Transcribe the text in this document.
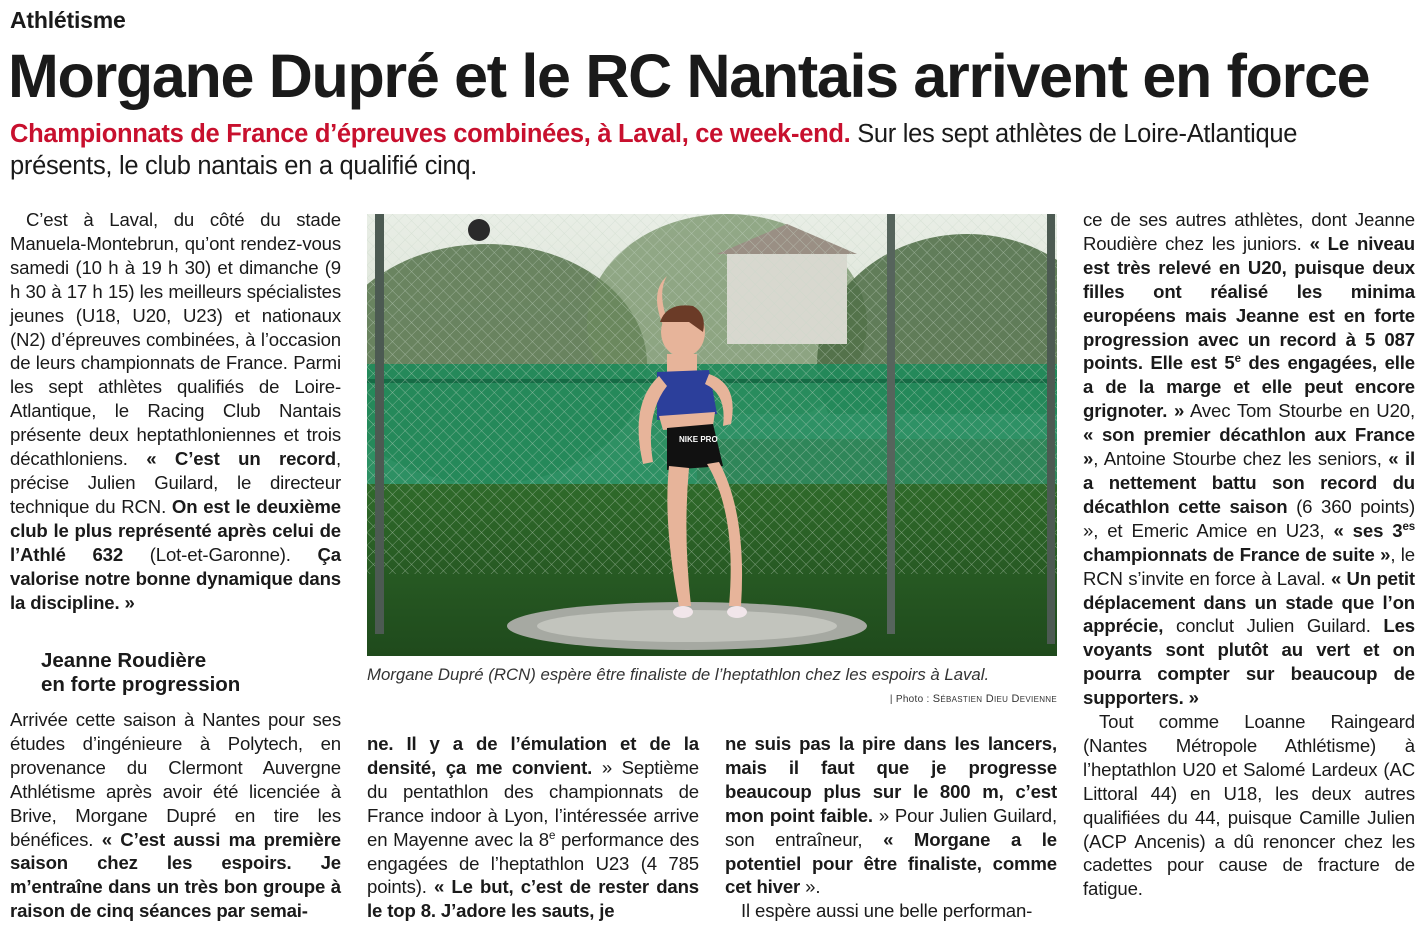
Athlétisme
Morgane Dupré et le RC Nantais arrivent en force
Championnats de France d’épreuves combinées, à Laval, ce week-end. Sur les sept athlètes de Loire-Atlantique présents, le club nantais en a qualifié cinq.

C’est à Laval, du côté du stade Manuela-Montebrun, qu’ont rendez-vous samedi (10 h à 19 h 30) et dimanche (9 h 30 à 17 h 15) les meilleurs spécialistes jeunes (U18, U20, U23) et nationaux (N2) d’épreuves combinées, à l’occasion de leurs championnats de France. Parmi les sept athlètes qualifiés de Loire-Atlantique, le Racing Club Nantais présente deux heptathloniennes et trois décathloniens. « C’est un record, précise Julien Guilard, le directeur technique du RCN. On est le deuxième club le plus représenté après celui de l’Athlé 632 (Lot-et-Garonne). Ça valorise notre bonne dynamique dans la discipline. »

Jeanne Roudière
en forte progression

Arrivée cette saison à Nantes pour ses études d’ingénieure à Polytech, en provenance du Clermont Auvergne Athlétisme après avoir été licenciée à Brive, Morgane Dupré en tire les bénéfices. « C’est aussi ma première saison chez les espoirs. Je m’entraîne dans un très bon groupe à raison de cinq séances par semai-

NIKE PRO
Morgane Dupré (RCN) espère être finaliste de l’heptathlon chez les espoirs à Laval.
| Photo : Sébastien Dieu Devienne

ne. Il y a de l’émulation et de la densité, ça me convient. » Septième du pentathlon des championnats de France indoor à Lyon, l’intéressée arrive en Mayenne avec la 8e performance des engagées de l’heptathlon U23 (4 785 points). « Le but, c’est de rester dans le top 8. J’adore les sauts, je

ne suis pas la pire dans les lancers, mais il faut que je progresse beaucoup plus sur le 800 m, c’est mon point faible. » Pour Julien Guilard, son entraîneur, « Morgane a le potentiel pour être finaliste, comme cet hiver ».

Il espère aussi une belle performan-

ce de ses autres athlètes, dont Jeanne Roudière chez les juniors. « Le niveau est très relevé en U20, puisque deux filles ont réalisé les minima européens mais Jeanne est en forte progression avec un record à 5 087 points. Elle est 5e des engagées, elle a de la marge et elle peut encore grignoter. » Avec Tom Stourbe en U20, « son premier décathlon aux France », Antoine Stourbe chez les seniors, « il a nettement battu son record du décathlon cette saison (6 360 points) », et Emeric Amice en U23, « ses $3^{es}$ championnats de France de suite », le RCN s’invite en force à Laval. « Un petit déplacement dans un stade que l’on apprécie, conclut Julien Guilard. Les voyants sont plutôt au vert et on pourra compter sur beaucoup de supporters. »

Tout comme Loanne Raingeard (Nantes Métropole Athlétisme) à l’heptathlon U20 et Salomé Lardeux (AC Littoral 44) en U18, les deux autres qualifiées du 44, puisque Camille Julien (ACP Ancenis) a dû renoncer chez les cadettes pour cause de fracture de fatigue.
